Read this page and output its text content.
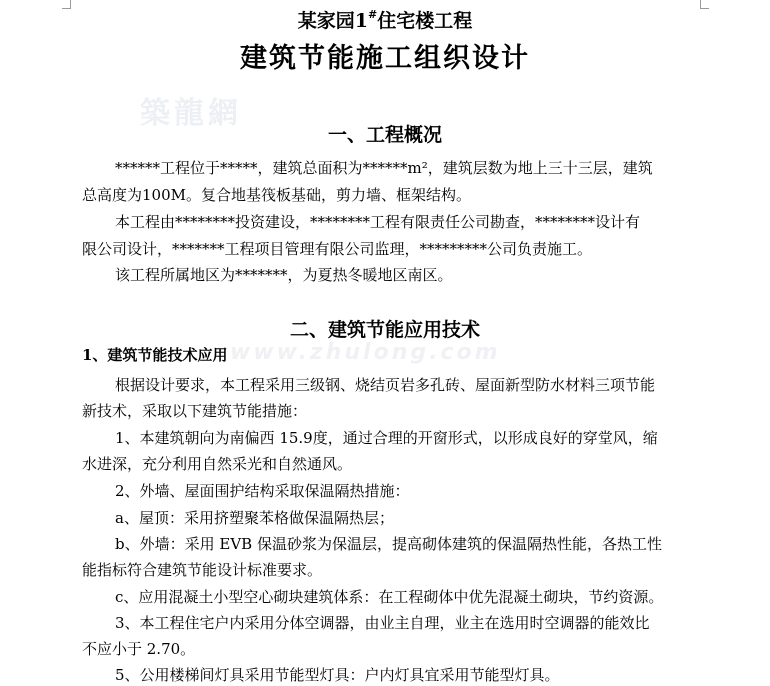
築龍網
www.zhulong.com
某家园1#住宅楼工程
建筑节能施工组织设计
一、工程概况
******工程位于*****，建筑总面积为******m²，建筑层数为地上三十三层，建筑
总高度为100M。复合地基筏板基础，剪力墙、框架结构。
本工程由********投资建设，********工程有限责任公司勘查，********设计有
限公司设计，*******工程项目管理有限公司监理，*********公司负责施工。
该工程所属地区为*******，为夏热冬暖地区南区。
二、建筑节能应用技术
1、建筑节能技术应用
根据设计要求，本工程采用三级钢、烧结页岩多孔砖、屋面新型防水材料三项节能
新技术，采取以下建筑节能措施：
1、本建筑朝向为南偏西 15.9度，通过合理的开窗形式，以形成良好的穿堂风，缩
水进深，充分利用自然采光和自然通风。
2、外墙、屋面围护结构采取保温隔热措施：
a、屋顶：采用挤塑聚苯格做保温隔热层；
b、外墙：采用 EVB 保温砂浆为保温层，提高砌体建筑的保温隔热性能，各热工性
能指标符合建筑节能设计标准要求。
c、应用混凝土小型空心砌块建筑体系：在工程砌体中优先混凝土砌块，节约资源。
3、本工程住宅户内采用分体空调器，由业主自理，业主在选用时空调器的能效比
不应小于 2.70。
5、公用楼梯间灯具采用节能型灯具：户内灯具宜采用节能型灯具。
